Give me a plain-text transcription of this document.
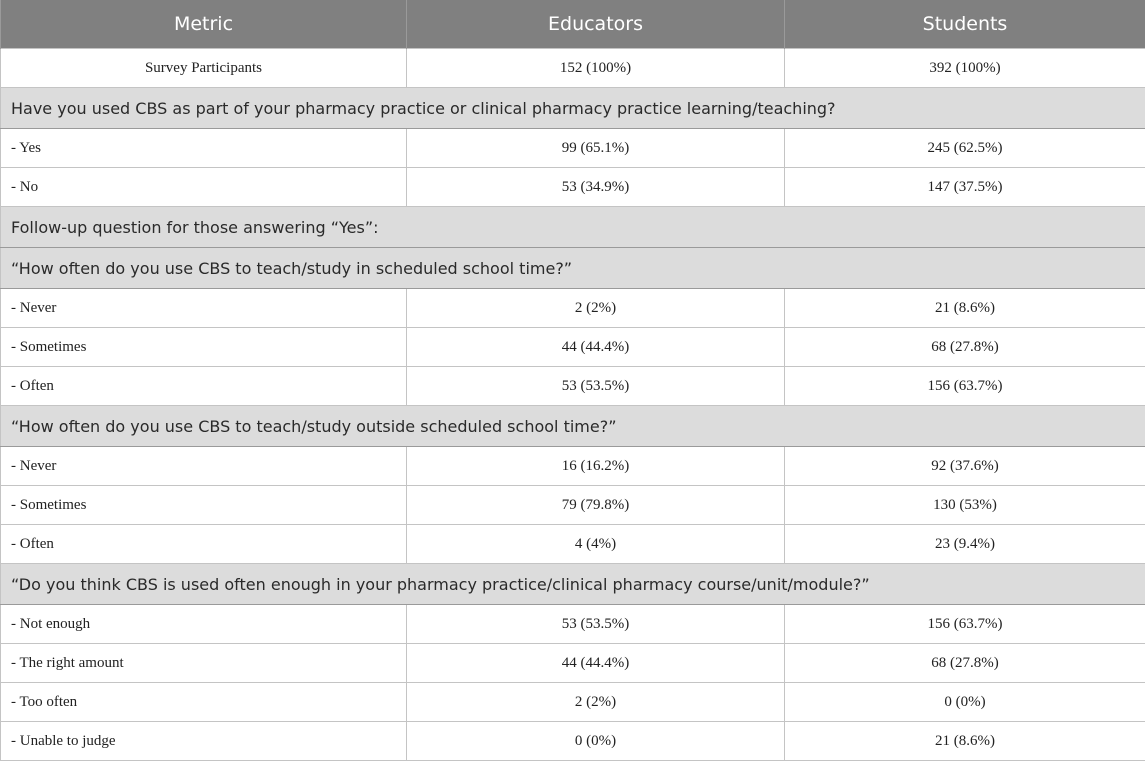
Metric	Educators	Students
Survey Participants	152 (100%)	392 (100%)
Have you used CBS as part of your pharmacy practice or clinical pharmacy practice learning/teaching?		
- Yes	99 (65.1%)	245 (62.5%)
- No	53 (34.9%)	147 (37.5%)
Follow-up question for those answering “Yes”:		
“How often do you use CBS to teach/study in scheduled school time?”		
- Never	2 (2%)	21 (8.6%)
- Sometimes	44 (44.4%)	68 (27.8%)
- Often	53 (53.5%)	156 (63.7%)
“How often do you use CBS to teach/study outside scheduled school time?”		
- Never	16 (16.2%)	92 (37.6%)
- Sometimes	79 (79.8%)	130 (53%)
- Often	4 (4%)	23 (9.4%)
“Do you think CBS is used often enough in your pharmacy practice/clinical pharmacy course/unit/module?”		
- Not enough	53 (53.5%)	156 (63.7%)
- The right amount	44 (44.4%)	68 (27.8%)
- Too often	2 (2%)	0 (0%)
- Unable to judge	0 (0%)	21 (8.6%)
